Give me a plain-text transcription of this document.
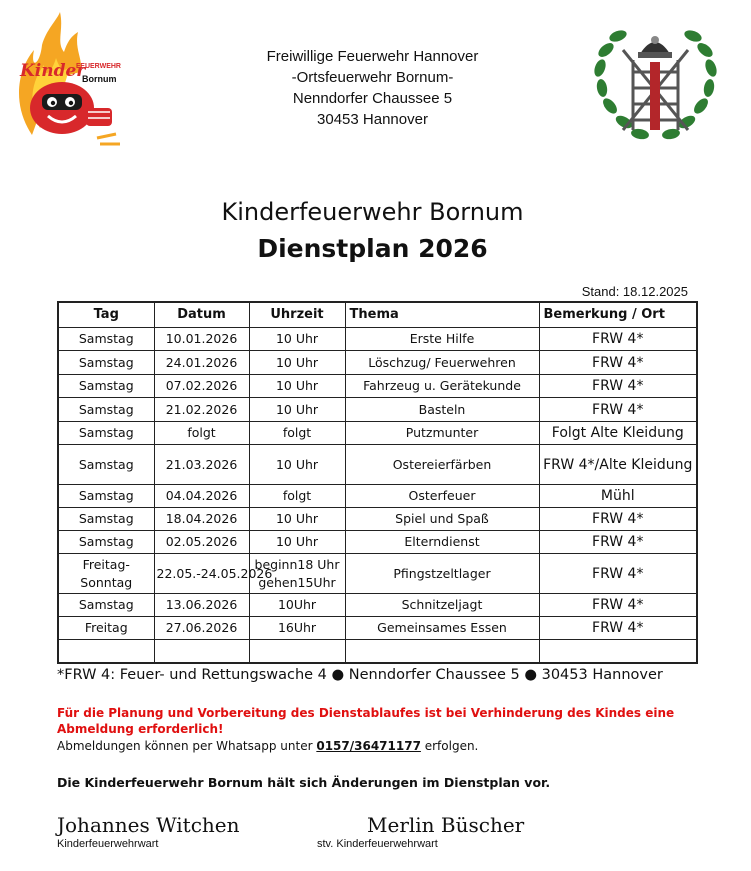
Kinder
FEUERWEHR
Bornum
Freiwillige Feuerwehr Hannover
-Ortsfeuerwehr Bornum-
Nenndorfer Chaussee 5
30453 Hannover
Kinderfeuerwehr Bornum
Dienstplan 2026
Stand: 18.12.2025
Tag	Datum	Uhrzeit	Thema	Bemerkung / Ort
Samstag	10.01.2026	10 Uhr	Erste Hilfe	FRW 4*
Samstag	24.01.2026	10 Uhr	Löschzug/ Feuerwehren	FRW 4*
Samstag	07.02.2026	10 Uhr	Fahrzeug u. Gerätekunde	FRW 4*
Samstag	21.02.2026	10 Uhr	Basteln	FRW 4*
Samstag	folgt	folgt	Putzmunter	Folgt Alte Kleidung
Samstag	21.03.2026	10 Uhr	Ostereierfärben	FRW 4*/Alte Kleidung
Samstag	04.04.2026	folgt	Osterfeuer	Mühl
Samstag	18.04.2026	10 Uhr	Spiel und Spaß	FRW 4*
Samstag	02.05.2026	10 Uhr	Elterndienst	FRW 4*
Freitag-Sonntag	22.05.-24.05.2026	beginn18 Uhr gehen15Uhr	Pfingstzeltlager	FRW 4*
Samstag	13.06.2026	10Uhr	Schnitzeljagt	FRW 4*
Freitag	27.06.2026	16Uhr	Gemeinsames Essen	FRW 4*

*FRW 4: Feuer- und Rettungswache 4 ● Nenndorfer Chaussee 5 ● 30453 Hannover
Für die Planung und Vorbereitung des Dienstablaufes ist bei Verhinderung des Kindes eine Abmeldung erforderlich!
Abmeldungen können per Whatsapp unter 0157/36471177 erfolgen.
Die Kinderfeuerwehr Bornum hält sich Änderungen im Dienstplan vor.
Johannes Witchen	Merlin Büscher
Kinderfeuerwehrwart	stv. Kinderfeuerwehrwart
